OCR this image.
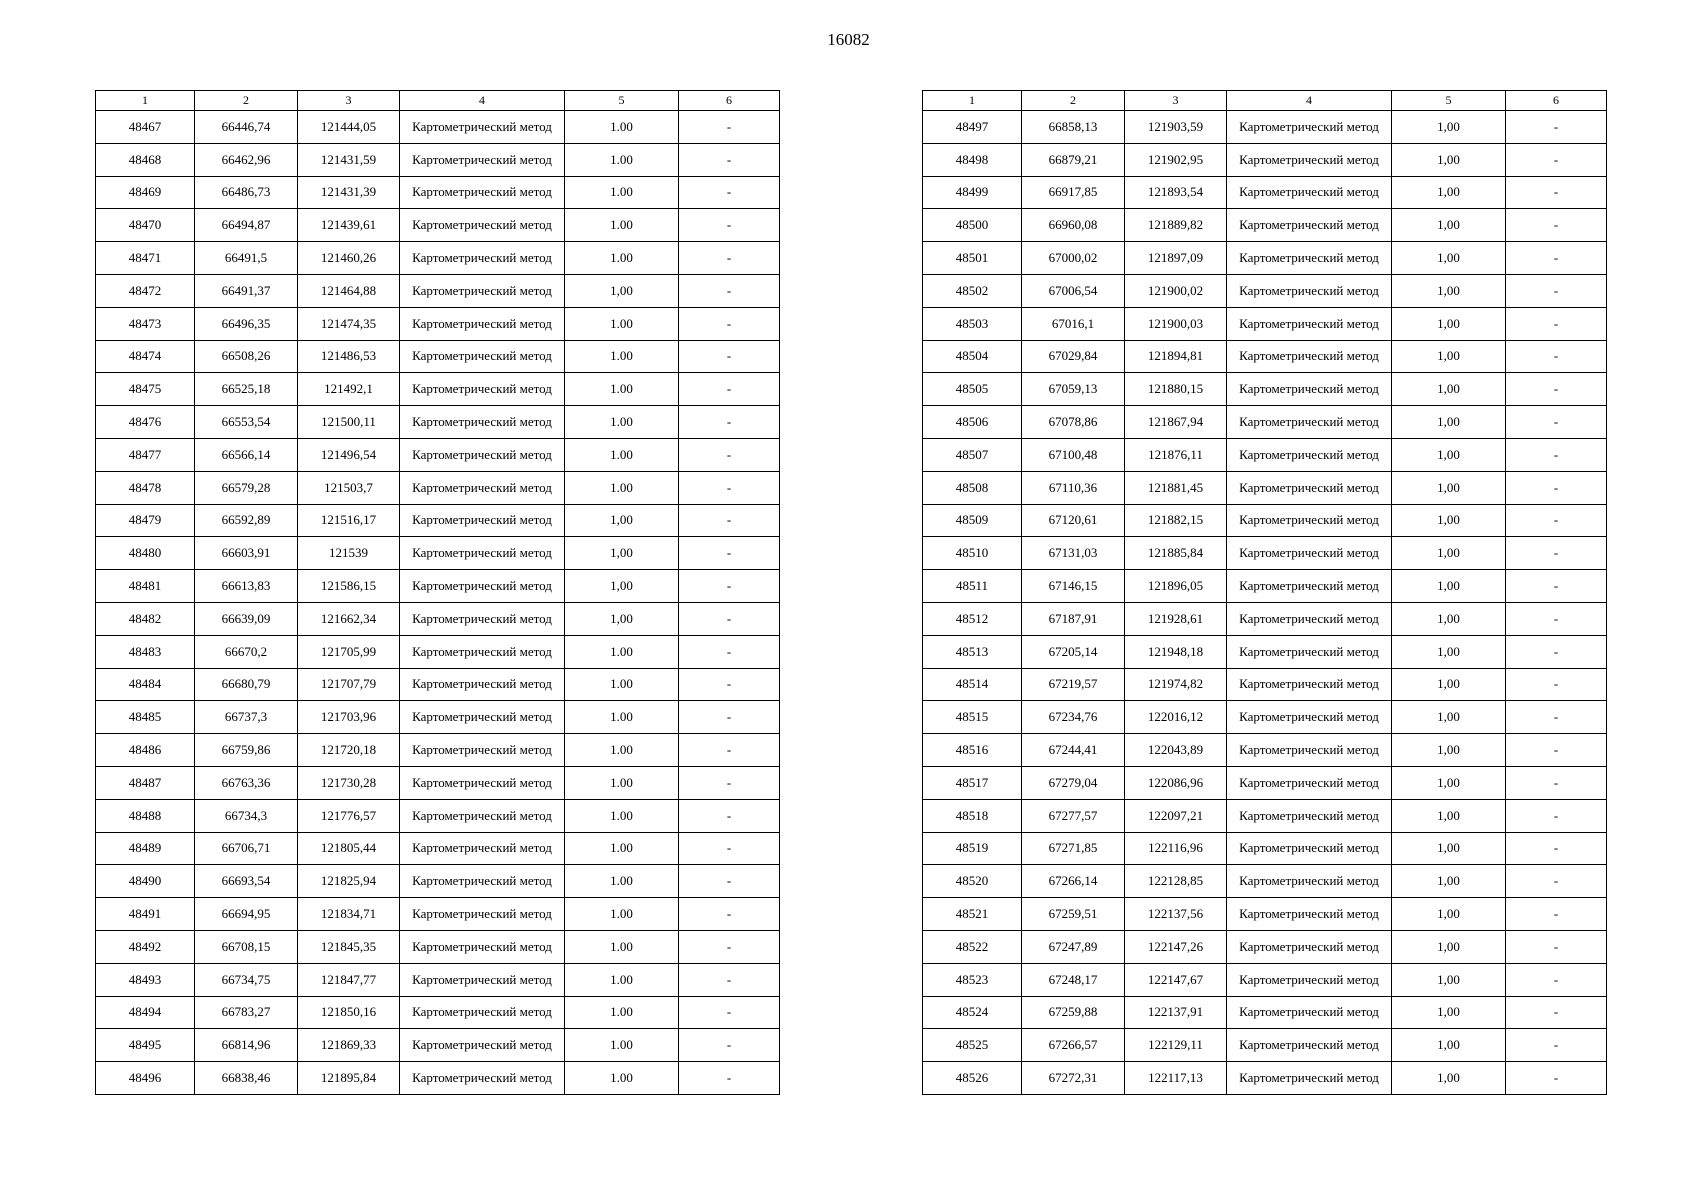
16082
1	2	3	4	5	6
48467	66446,74	121444,05	Картометрический метод	1.00	-
48468	66462,96	121431,59	Картометрический метод	1.00	-
48469	66486,73	121431,39	Картометрический метод	1.00	-
48470	66494,87	121439,61	Картометрический метод	1.00	-
48471	66491,5	121460,26	Картометрический метод	1.00	-
48472	66491,37	121464,88	Картометрический метод	1,00	-
48473	66496,35	121474,35	Картометрический метод	1.00	-
48474	66508,26	121486,53	Картометрический метод	1.00	-
48475	66525,18	121492,1	Картометрический метод	1.00	-
48476	66553,54	121500,11	Картометрический метод	1.00	-
48477	66566,14	121496,54	Картометрический метод	1.00	-
48478	66579,28	121503,7	Картометрический метод	1.00	-
48479	66592,89	121516,17	Картометрический метод	1,00	-
48480	66603,91	121539	Картометрический метод	1,00	-
48481	66613,83	121586,15	Картометрический метод	1,00	-
48482	66639,09	121662,34	Картометрический метод	1,00	-
48483	66670,2	121705,99	Картометрический метод	1.00	-
48484	66680,79	121707,79	Картометрический метод	1.00	-
48485	66737,3	121703,96	Картометрический метод	1.00	-
48486	66759,86	121720,18	Картометрический метод	1.00	-
48487	66763,36	121730,28	Картометрический метод	1.00	-
48488	66734,3	121776,57	Картометрический метод	1.00	-
48489	66706,71	121805,44	Картометрический метод	1.00	-
48490	66693,54	121825,94	Картометрический метод	1.00	-
48491	66694,95	121834,71	Картометрический метод	1.00	-
48492	66708,15	121845,35	Картометрический метод	1.00	-
48493	66734,75	121847,77	Картометрический метод	1.00	-
48494	66783,27	121850,16	Картометрический метод	1.00	-
48495	66814,96	121869,33	Картометрический метод	1.00	-
48496	66838,46	121895,84	Картометрический метод	1.00	-
1	2	3	4	5	6
48497	66858,13	121903,59	Картометрический метод	1,00	-
48498	66879,21	121902,95	Картометрический метод	1,00	-
48499	66917,85	121893,54	Картометрический метод	1,00	-
48500	66960,08	121889,82	Картометрический метод	1,00	-
48501	67000,02	121897,09	Картометрический метод	1,00	-
48502	67006,54	121900,02	Картометрический метод	1,00	-
48503	67016,1	121900,03	Картометрический метод	1,00	-
48504	67029,84	121894,81	Картометрический метод	1,00	-
48505	67059,13	121880,15	Картометрический метод	1,00	-
48506	67078,86	121867,94	Картометрический метод	1,00	-
48507	67100,48	121876,11	Картометрический метод	1,00	-
48508	67110,36	121881,45	Картометрический метод	1,00	-
48509	67120,61	121882,15	Картометрический метод	1,00	-
48510	67131,03	121885,84	Картометрический метод	1,00	-
48511	67146,15	121896,05	Картометрический метод	1,00	-
48512	67187,91	121928,61	Картометрический метод	1,00	-
48513	67205,14	121948,18	Картометрический метод	1,00	-
48514	67219,57	121974,82	Картометрический метод	1,00	-
48515	67234,76	122016,12	Картометрический метод	1,00	-
48516	67244,41	122043,89	Картометрический метод	1,00	-
48517	67279,04	122086,96	Картометрический метод	1,00	-
48518	67277,57	122097,21	Картометрический метод	1,00	-
48519	67271,85	122116,96	Картометрический метод	1,00	-
48520	67266,14	122128,85	Картометрический метод	1,00	-
48521	67259,51	122137,56	Картометрический метод	1,00	-
48522	67247,89	122147,26	Картометрический метод	1,00	-
48523	67248,17	122147,67	Картометрический метод	1,00	-
48524	67259,88	122137,91	Картометрический метод	1,00	-
48525	67266,57	122129,11	Картометрический метод	1,00	-
48526	67272,31	122117,13	Картометрический метод	1,00	-
